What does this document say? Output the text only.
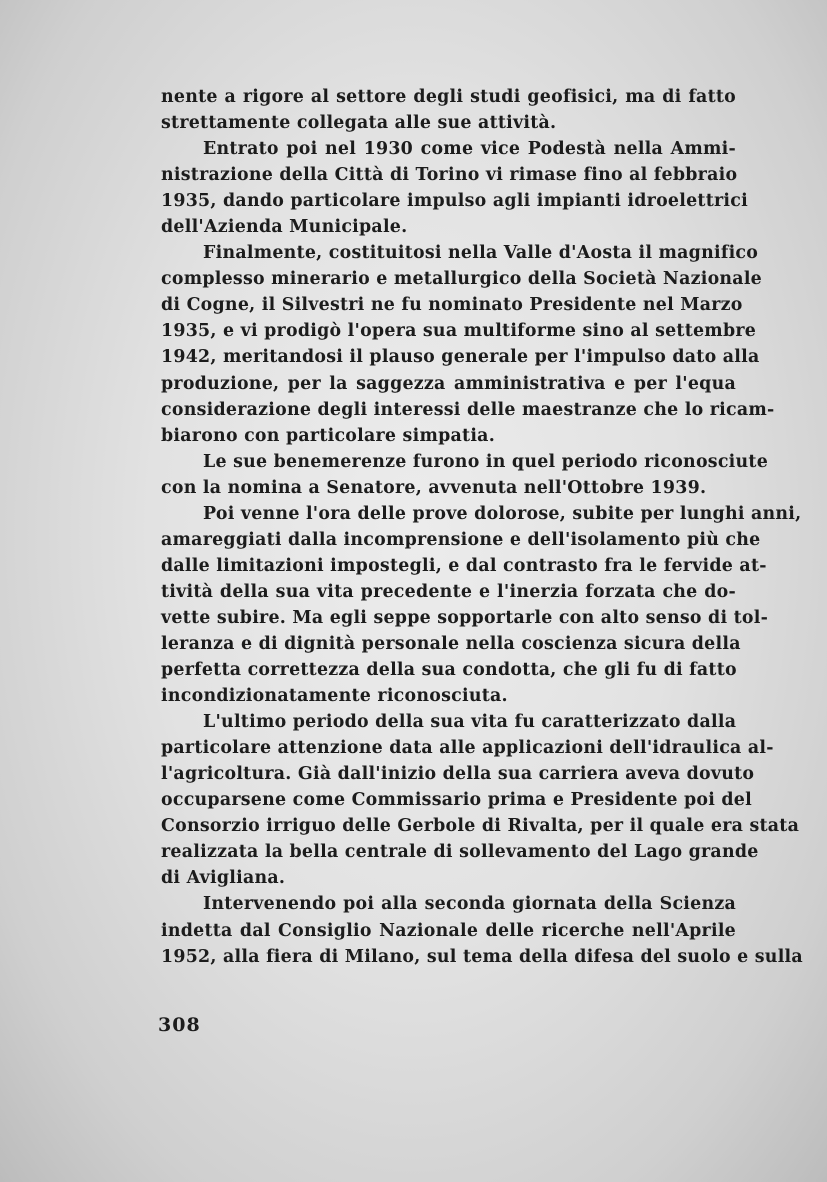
nente a rigore al settore degli studi geofisici, ma di fatto
strettamente collegata alle sue attività.
Entrato poi nel 1930 come vice Podestà nella Ammi-
nistrazione della Città di Torino vi rimase fino al febbraio
1935, dando particolare impulso agli impianti idroelettrici
dell'Azienda Municipale.
Finalmente, costituitosi nella Valle d'Aosta il magnifico
complesso minerario e metallurgico della Società Nazionale
di Cogne, il Silvestri ne fu nominato Presidente nel Marzo
1935, e vi prodigò l'opera sua multiforme sino al settembre
1942, meritandosi il plauso generale per l'impulso dato alla
produzione, per la saggezza amministrativa e per l'equa
considerazione degli interessi delle maestranze che lo ricam-
biarono con particolare simpatia.
Le sue benemerenze furono in quel periodo riconosciute
con la nomina a Senatore, avvenuta nell'Ottobre 1939.
Poi venne l'ora delle prove dolorose, subite per lunghi anni,
amareggiati dalla incomprensione e dell'isolamento più che
dalle limitazioni impostegli, e dal contrasto fra le fervide at-
tività della sua vita precedente e l'inerzia forzata che do-
vette subire. Ma egli seppe sopportarle con alto senso di tol-
leranza e di dignità personale nella coscienza sicura della
perfetta correttezza della sua condotta, che gli fu di fatto
incondizionatamente riconosciuta.
L'ultimo periodo della sua vita fu caratterizzato dalla
particolare attenzione data alle applicazioni dell'idraulica al-
l'agricoltura. Già dall'inizio della sua carriera aveva dovuto
occuparsene come Commissario prima e Presidente poi del
Consorzio irriguo delle Gerbole di Rivalta, per il quale era stata
realizzata la bella centrale di sollevamento del Lago grande
di Avigliana.
Intervenendo poi alla seconda giornata della Scienza
indetta dal Consiglio Nazionale delle ricerche nell'Aprile
1952, alla fiera di Milano, sul tema della difesa del suolo e sulla
308
